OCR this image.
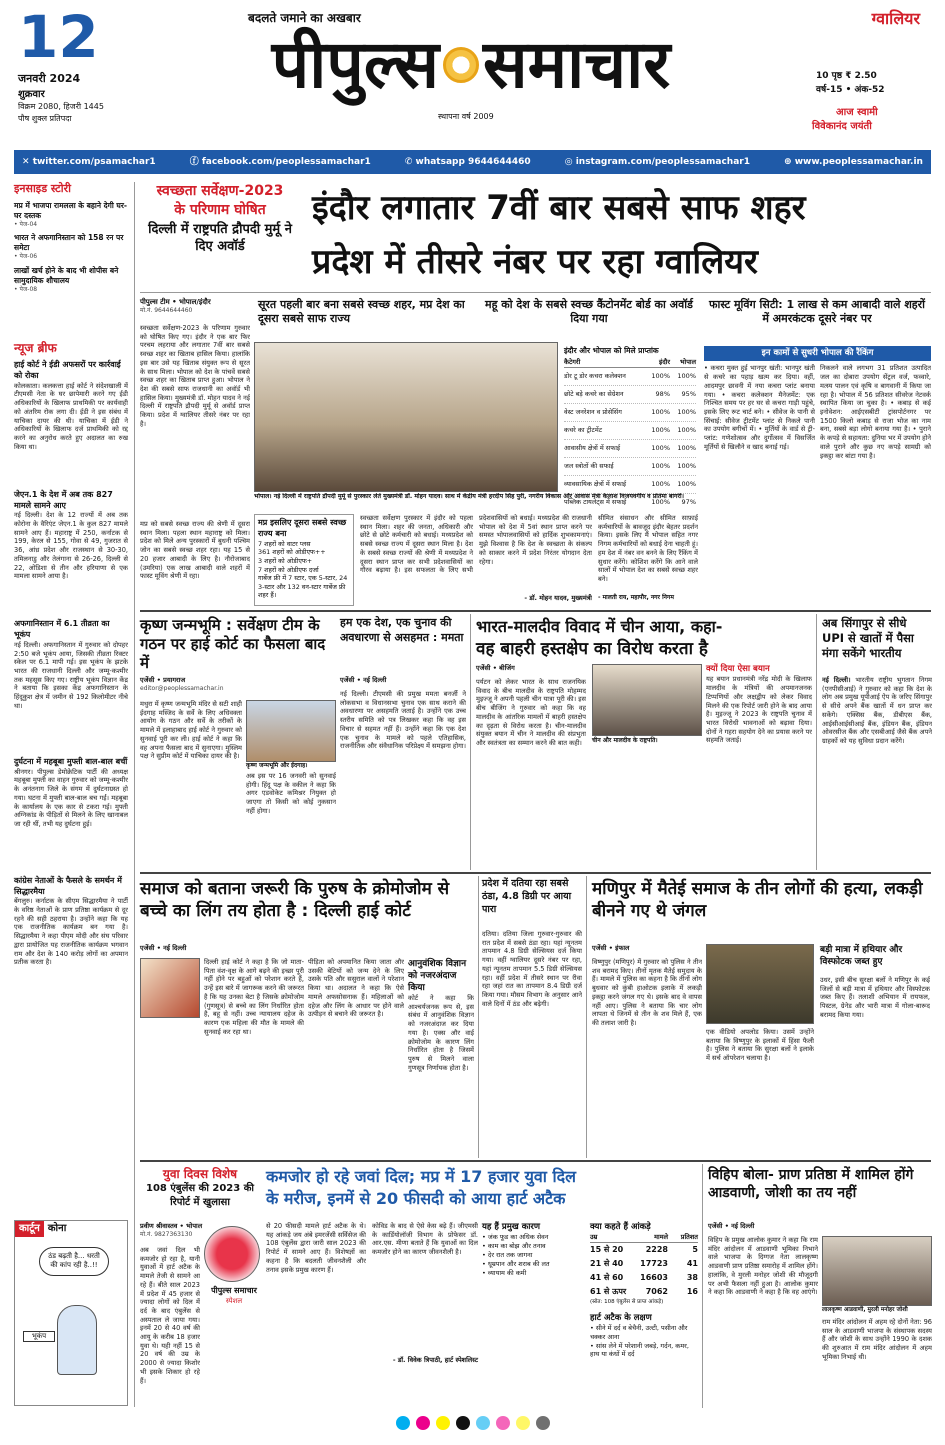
12
जनवरी 2024
शुक्रवार
विक्रम 2080, हिजरी 1445
पौष शुक्ल प्रतिपदा
बदलते जमाने का अखबार
पीपुल्स समाचार
स्थापना वर्ष 2009
ग्वालियर
10 पृष्ठ ₹ 2.50
वर्ष-15 • अंक-52
आज स्वामी
विवेकानंद जयंती
✕ twitter.com/psamachar1	ⓕ facebook.com/peoplessamachar1	✆ whatsapp 9644644460	◎ instagram.com/peoplessamachar1	⊕ www.peoplessamachar.in
इनसाइड स्टोरी
मप्र में भाजपा रामलला के बहाने देगी घर-घर दस्तक
• पेज-04
भारत ने अफगानिस्तान को 158 रन पर समेटा
• पेज-06
लाखों खर्च होने के बाद भी शोपीस बने सामुदायिक शौचालय
• पेज-08
न्यूज ब्रीफ
हाई कोर्ट ने ईडी अफसरों पर कार्रवाई को रोका
कोलकाता। कलकत्ता हाई कोर्ट ने संदेशखाली में टीएमसी नेता के घर छापेमारी करने गए ईडी अधिकारियों के खिलाफ प्राथमिकी पर कार्यवाही को अंतरिम रोक लगा दी। ईडी ने इस संबंध में याचिका दायर की थी। याचिका में ईडी ने अधिकारियों के खिलाफ दर्ज प्राथमिकी को रद्द करने का अनुरोध करते हुए अदालत का रुख किया था।
जेएन.1 के देश में अब तक 827 मामले सामने आए
नई दिल्ली। देश के 12 राज्यों में अब तक कोरोना के वैरिएंट जेएन.1 के कुल 827 मामले सामने आए हैं। महाराष्ट्र में 250, कर्नाटक से 199, केरल से 155, गोवा से 49, गुजरात से 36, आंध्र प्रदेश और राजस्थान से 30-30, तमिलनाडु और तेलंगाना से 26-26, दिल्ली से 22, ओडिशा से तीन और हरियाणा से एक मामला सामने आया है।
अफगानिस्तान में 6.1 तीव्रता का भूकंप
नई दिल्ली। अफगानिस्तान में गुरुवार को दोपहर 2:50 बजे भूकंप आया, जिसकी तीव्रता रिक्टर स्केल पर 6.1 मापी गई। इस भूकंप के झटके भारत की राजधानी दिल्ली और जम्मू-कश्मीर तक महसूस किए गए। राष्ट्रीय भूकंप विज्ञान केंद्र ने बताया कि इसका केंद्र अफगानिस्तान के हिंदूकुश क्षेत्र में जमीन से 192 किलोमीटर नीचे था।
दुर्घटना में महबूबा मुफ्ती बाल-बाल बचीं
श्रीनगर। पीपुल्स डेमोक्रेटिक पार्टी की अध्यक्ष महबूबा मुफ्ती का वाहन गुरुवार को जम्मू-कश्मीर के अनंतनाग जिले के संगम में दुर्घटनाग्रस्त हो गया। घटना में मुफ्ती बाल-बाल बच गईं। महबूबा के कार्यालय के एक कार से टकरा गई। मुफ्ती अग्निकांड के पीड़ितों से मिलने के लिए खानाबल जा रही थीं, तभी यह दुर्घटना हुई।
कांग्रेस नेताओं के फैसले के समर्थन में सिद्धारमैया
बेंगलुरु। कर्नाटक के सीएम सिद्धारमैया ने पार्टी के वरिष्ठ नेताओं के प्राण प्रतिष्ठा कार्यक्रम से दूर रहने की सही ठहराया है। उन्होंने कहा कि यह एक राजनीतिक कार्यक्रम बन गया है। सिद्धारमैया ने कहा पीएम मोदी और संघ परिवार द्वारा प्रायोजित यह राजनीतिक कार्यक्रम भगवान राम और देश के 140 करोड़ लोगों का अपमान प्रतीक करता है।
कार्टून कोना
ठंड बढ़ती है... धरती की कांप रही है..!!
भूकंप
स्वच्छता सर्वेक्षण-2023
के परिणाम घोषित
दिल्ली में राष्ट्रपति द्रौपदी मुर्मू ने दिए अवॉर्ड
इंदौर लगातार 7वीं बार सबसे साफ शहर
प्रदेश में तीसरे नंबर पर रहा ग्वालियर
पीपुल्स टीम • भोपाल/इंदौर
मो.नं. 9644644460
स्वच्छता सर्वेक्षण-2023 के परिणाम गुरुवार को घोषित किए गए। इंदौर ने एक बार फिर परचम लहराया और लगातार 7वीं बार सबसे स्वच्छ शहर का खिताब हासिल किया। हालांकि इस बार उसे यह खिताब संयुक्त रूप से सूरत के साथ मिला। भोपाल को देश के पांचवें सबसे स्वच्छ शहर का खिताब प्राप्त हुआ। भोपाल ने देश की सबसे साफ राजधानी का अवॉर्ड भी हासिल किया। मुख्यमंत्री डॉ. मोहन यादव ने नई दिल्ली में राष्ट्रपति द्रौपदी मुर्मू से अवॉर्ड प्राप्त किया। प्रदेश में ग्वालियर तीसरे नंबर पर रहा है।
मप्र को सबसे स्वच्छ राज्य की श्रेणी में दूसरा स्थान मिला। पहला स्थान महाराष्ट्र को मिला। प्रदेश को मिले अन्य पुरस्कारों में बुधनी पश्चिम जोन का सबसे स्वच्छ शहर रहा। यह 15 से 20 हजार आबादी के लिए है। नौरोजाबाद (उमरिया) एक लाख आबादी वाले शहरों में फास्ट मूविंग श्रेणी में रहा।
सूरत पहली बार बना सबसे स्वच्छ शहर, मप्र देश का दूसरा सबसे साफ राज्य
महू को देश के सबसे स्वच्छ कैंटोनमेंट बोर्ड का अवॉर्ड दिया गया
फास्ट मूविंग सिटी: 1 लाख से कम आबादी वाले शहरों में अमरकंटक दूसरे नंबर पर
भोपाल। नई दिल्ली में राष्ट्रपति द्रौपदी मुर्मू से पुरस्कार लेते मुख्यमंत्री डॉ. मोहन यादव। साथ में केंद्रीय मंत्री हरदीप सिंह पुरी, नगरीय विकास और आवास मंत्री कैलाश विजयवर्गीय व प्रतिमा बागरी।
इंदौर और भोपाल को मिले प्राप्तांक
कैटेगरी	इंदौर	भोपाल
डोर टू डोर कचरा कलेक्शन	100%	100%
छोटे बड़े कचरे का सेग्रेशन	98%	95%
वेस्ट जनरेशन व प्रोसेसिंग	100%	100%
कचरे का ट्रीटमेंट	100%	100%
आवासीय क्षेत्रों में सफाई	100%	100%
जल स्त्रोतों की सफाई	100%	100%
व्यावसायिक क्षेत्रों में सफाई	100%	100%
पब्लिक टायलेट्स में सफाई	100%	97%
इन कामों से सुधरी भोपाल की रैंकिंग
• कचरा मुक्त हुई भानपुर खंती: भानपुर खंती से कचरे का पहाड़ खत्म कर दिया। वहीं, आदमपुर छावनी में नया कचरा प्लांट बनाया गया। • कचरा कलेक्शन मैनेजमेंट: एक निश्चित समय पर हर घर से कचरा गाड़ी पहुंचे, इसके लिए रूट चार्ट बने। • सीवेज के पानी से सिंचाई: सीवेज ट्रीटमेंट प्लांट से निकले पानी का उपयोग बगीचों में। • मुर्तियों के वार्ड से ट्री-प्लांट: गणेशोत्सव और दुर्गोत्सव में विसर्जित मूर्तियों से खिलौने व खाद बनाई गई।
निकलने वाले लगभग 31 प्रतिशत उत्पादित जल का दोबारा उपयोग सेंट्रल वर्ज, फव्वारे, मत्स्य पालन एवं कृषि व बागवानी में किया जा रहा है। भोपाल में 56 प्रतिशत सीवरेज नेटवर्क स्थापित किया जा चुका है। • कबाड़ से कई इनोवेशन: आईएसबीटी ट्रांसपोर्टनगर पर 1500 किलो कबाड़ से राजा भोज का नाम बना, सबसे बड़ा लोगो बनाया गया है। • पुराने के कपड़े से सहायता: दुनिया भर में उपयोग होने वाले पुराने और कुछ नए कपड़े सामग्री को इकट्ठा कर बांटा गया है।
मप्र इसलिए दूसरा सबसे स्वच्छ राज्य बना
7 शहरों को वाटर प्लस
361 शहरों को ओडीएफ++
3 शहरों को ओडीएफ+
7 शहरों को ओडीएफ दर्जा
गार्बेज फ्री में 7 स्टार, एक 5-स्टार, 24 3-स्टार और 132 वन-स्टार गार्बेज फ्री शहर हैं।
स्वच्छता सर्वेक्षण पुरस्कार में इंदौर को पहला स्थान मिला। शहर की जनता, अधिकारी और छोटे से छोटे कर्मचारी को बधाई। मध्यप्रदेश को सबसे स्वच्छ राज्य में दूसरा स्थान मिला है। देश के सबसे स्वच्छ राज्यों की श्रेणी में मध्यप्रदेश ने दूसरा स्थान प्राप्त कर सभी प्रदेशवासियों का गौरव बढ़ाया है। इस सफलता के लिए सभी प्रदेशवासियों को बधाई। मध्यप्रदेश की राजधानी भोपाल को देश में 5वां स्थान प्राप्त करने पर समस्त भोपालवासियों को हार्दिक शुभकामनाएं। मुझे विश्वास है कि देश के स्वच्छता के संकल्प को साकार करने में प्रदेश निरंतर योगदान देता रहेगा।
- डॉ. मोहन यादव, मुख्यमंत्री
सीमित संसाधन और सीमित साफ़ाई कर्मचारियों के बावजूद इंदौर बेहतर प्रदर्शन किया। इसके लिए मैं भोपाल सहित नगर निगम कर्मचारियों को बधाई देना चाहती हूं। हम देश में नंबर वन बनने के लिए रैंकिंग में सुधार करेंगे। कोशिश करेंगे कि आने वाले सालों में भोपाल देश का सबसे स्वच्छ शहर बने।
- मालती राय, महापौर, नगर निगम
कृष्ण जन्मभूमि : सर्वेक्षण टीम के गठन पर हाई कोर्ट का फैसला बाद में
एजेंसी • प्रयागराज
editor@peoplessamachar.in
कृष्ण जन्मभूमि और ईदगाह।
मथुरा में कृष्ण जन्मभूमि मंदिर से सटी शाही ईदगाह मस्जिद के सर्वे के लिए अधिवक्ता आयोग के गठन और सर्वे के तरीकों के मामले में इलाहाबाद हाई कोर्ट ने गुरुवार को सुनवाई पूरी कर ली। हाई कोर्ट ने कहा कि वह अपना फैसला बाद में सुनाएगा। मुस्लिम पक्ष ने सुप्रीम कोर्ट में याचिका दायर की है।
अब इस पर 16 जनवरी को सुनवाई होगी। हिंदू पक्ष के वकील ने कहा कि अगर एडवोकेट कमिश्नर नियुक्त हो जाएगा तो किसी को कोई नुकसान नहीं होगा।
हम एक देश, एक चुनाव की अवधारणा से असहमत : ममता
एजेंसी • नई दिल्ली
नई दिल्ली। टीएमसी की प्रमुख ममता बनर्जी ने लोकसभा व विधानसभा चुनाव एक साथ कराने की अवधारणा पर असहमति जताई है। उन्होंने एक उच्च स्तरीय समिति को पत्र लिखकर कहा कि वह इस विचार से सहमत नहीं हैं। उन्होंने कहा कि एक देश एक चुनाव के मामले को पहले एतिहासिक, राजनीतिक और संवैधानिक परिप्रेक्ष्य में समझना होगा।
भारत-मालदीव विवाद में चीन आया, कहा-
वह बाहरी हस्तक्षेप का विरोध करता है
एजेंसी • बीजिंग
पर्यटन को लेकर भारत के साथ राजनयिक विवाद के बीच मालदीव के राष्ट्रपति मोहम्मद मुइज्जू ने अपनी पहली चीन यात्रा पूरी की। इस बीच बीजिंग ने गुरुवार को कहा कि वह मालदीव के आंतरिक मामलों में बाहरी हस्तक्षेप का दृढ़ता से विरोध करता है। चीन-मालदीव संयुक्त बयान में चीन ने मालदीव की संप्रभुता और स्वतंत्रता का सम्मान करने की बात कही।	चीन और मालदीव के राष्ट्रपति।
क्यों दिया ऐसा बयान
यह बयान प्रधानमंत्री नरेंद्र मोदी के खिलाफ मालदीव के मंत्रियों की अपमानजनक टिप्पणियों और लक्षद्वीप को लेकर विवाद मिलने की एक रिपोर्ट जारी होने के बाद आया है। मुइज्जू ने 2023 के राष्ट्रपति चुनाव में भारत विरोधी भावनाओं को बढ़ावा दिया। दोनों ने गहरा सहयोग देने का प्रयास करने पर सहमति जताई।
अब सिंगापुर से सीधे UPI से खातों में पैसा मंगा सकेंगे भारतीय
नई दिल्ली। भारतीय राष्ट्रीय भुगतान निगम (एनपीसीआई) ने गुरुवार को कहा कि देश के लोग अब प्रमुख यूपीआई ऐप के जरिए सिंगापुर से सीधे अपने बैंक खातों में धन प्राप्त कर सकेंगे। एक्सिस बैंक, डीबीएस बैंक, आईसीआईसीआई बैंक, इंडियन बैंक, इंडियन ओवरसीज बैंक और एसबीआई जैसे बैंक अपने ग्राहकों को यह सुविधा प्रदान करेंगे।
समाज को बताना जरूरी कि पुरुष के क्रोमोजोम से बच्चे का लिंग तय होता है : दिल्ली हाई कोर्ट
एजेंसी • नई दिल्ली
दिल्ली हाई कोर्ट ने कहा है कि जो माता-पिता वंश-वृक्ष के आगे बढ़ने की इच्छा पूरी नहीं होने पर बहुओं को परेशान करते हैं, उन्हें इस बारे में जागरूक करने की जरूरत है कि यह उनका बेटा है जिसके क्रोमोजोम (गुणसूत्र) से बच्चे का लिंग निर्धारित होता है, बहू से नहीं। उच्च न्यायालय दहेज के कारण एक महिला की मौत के मामले की सुनवाई कर रहा था।
पीड़िता को अपमानित किया जाता और उसकी बेटियों को जन्म देने के लिए उसके पति और ससुराल वालों ने परेशान किया था। अदालत ने कहा कि ऐसे मामले अफसोसनाक हैं। महिलाओं को दहेज और लिंग के आधार पर होने वाले उत्पीड़न से बचाने की जरूरत है।
आनुवंशिक विज्ञान को नजरअंदाज किया
कोर्ट ने कहा कि आश्चर्यजनक रूप से, इस संबंध में आनुवंशिक विज्ञान को नजरअंदाज कर दिया गया है। एक्स और वाई क्रोमोजोम के कारण लिंग निर्धारित होता है जिसमें पुरुष से मिलने वाला गुणसूत्र निर्णायक होता है।
प्रदेश में दतिया रहा सबसे ठंडा, 4.8 डिग्री पर आया पारा
दतिया। दतिया जिला गुरुवार-गुरुवार की रात प्रदेश में सबसे ठंडा रहा। यहां न्यूनतम तापमान 4.8 डिग्री सेल्सियस दर्ज किया गया। वहीं ग्वालियर दूसरे नंबर पर रहा, यहां न्यूनतम तापमान 5.5 डिग्री सेल्सियस रहा। वहीं प्रदेश में तीसरे स्थान पर रीवा रहा जहां रात का तापमान 8.4 डिग्री दर्ज किया गया। मौसम विभाग के अनुसार आने वाले दिनों में ठंड और बढ़ेगी।
मणिपुर में मैतेई समाज के तीन लोगों की हत्या, लकड़ी बीनने गए थे जंगल
एजेंसी • इंफाल
विष्णुपुर (मणिपुर) में गुरुवार को पुलिस ने तीन शव बरामद किए। तीनों मृतक मैतेई समुदाय के हैं। मामले में पुलिस का कहना है कि तीनों लोग बुधवार को कुंबी हाओटक इलाके में लकड़ी इकट्ठा करने जंगल गए थे। इसके बाद वे वापस नहीं आए। पुलिस ने बताया कि चार लोग लापता थे जिनमें से तीन के शव मिले हैं, एक की तलाश जारी है।
एक वीडियो अपलोड किया। उसमें उन्होंने बताया कि विष्णुपुर के इलाकों में हिंसा फैली है। पुलिस ने बताया कि सुरक्षा बलों ने इलाके में सर्च ऑपरेशन चलाया है।
बड़ी मात्रा में हथियार और विस्फोटक जब्त हुए
उधर, इसी बीच सुरक्षा बलों ने मणिपुर के कई जिलों से बड़ी मात्रा में हथियार और विस्फोटक जब्त किए हैं। तलाशी अभियान में रायफल, पिस्टल, ग्रेनेड और भारी मात्रा में गोला-बारूद बरामद किया गया।
युवा दिवस विशेष
108 एंबुलेंस की 2023 की रिपोर्ट में खुलासा
कमजोर हो रहे जवां दिल; मप्र में 17 हजार युवा दिल
के मरीज, इनमें से 20 फीसदी को आया हार्ट अटैक
प्रवीण श्रीवास्तव • भोपाल
मो.नं. 9827363130
अब जवां दिल भी कमजोर हो रहा है, यानी युवाओं में हार्ट अटैक के मामले तेजी से सामने आ रहे हैं। बीते साल 2023 में प्रदेश में 45 हजार से ज्यादा लोगों को दिल में दर्द के बाद एंबुलेंस से अस्पताल ले जाया गया। इनमें 20 से 40 वर्ष की आयु के करीब 18 हजार युवा थे। यही नहीं 15 से 20 वर्ष की उम्र के 2000 से ज्यादा किशोर भी इसके शिकार हो रहे हैं।
पीपुल्स समाचार
स्पेशल
से 20 फीसदी मामले हार्ट अटैक के थे। यह आंकड़े जय अंबे इमरजेंसी सर्विसेज की 108 एंबुलेंस द्वारा जारी साल 2023 की रिपोर्ट में सामने आए हैं। विशेषज्ञों का कहना है कि बदलती जीवनशैली और तनाव इसके प्रमुख कारण हैं।
कोविड के बाद से ऐसे केस बढ़े हैं। जीएमसी के कार्डियोलॉजी विभाग के प्रोफेसर डॉ. आर.एस. मीणा बताते हैं कि युवाओं का दिल कमजोर होने का कारण जीवनशैली है।
- डॉ. विवेक त्रिपाठी, हार्ट स्पेशलिस्ट
यह हैं प्रमुख कारण
• जंक फूड का अधिक सेवन
• काम का बोझ और तनाव
• देर रात तक जागना
• धूम्रपान और शराब की लत
• व्यायाम की कमी
क्या कहते हैं आंकड़े
उम्र	मामले	प्रतिशत
15 से 20	2228	5
21 से 40	17723	41
41 से 60	16603	38
61 से ऊपर	7062	16
(स्रोत: 108 एंबुलेंस से प्राप्त आंकड़े)
हार्ट अटैक के लक्षण
• सीने में दर्द व बेचैनी, उल्टी, पसीना और चक्कर आना
• सांस लेने में परेशानी जबड़े, गर्दन, कमर, हाथ या कंधों में दर्द
विहिप बोला- प्राण प्रतिष्ठा में शामिल होंगे आडवाणी, जोशी का तय नहीं
एजेंसी • नई दिल्ली
विहिप के प्रमुख आलोक कुमार ने कहा कि राम मंदिर आंदोलन में आडवाणी भूमिका निभाने वाले भाजपा के दिग्गज नेता लालकृष्ण आडवाणी प्राण प्रतिष्ठा समारोह में शामिल होंगे। हालांकि, वे मुरली मनोहर जोशी की मौजूदगी पर अभी फैसला नहीं हुआ है। आलोक कुमार ने कहा कि आडवाणी ने कहा है कि वह आएंगे।
लालकृष्ण आडवाणी, मुरली मनोहर जोशी
राम मंदिर आंदोलन में अहम रहे दोनों नेता: 96 साल के आडवाणी भाजपा के संस्थापक सदस्य हैं और जोशी के साथ उन्होंने 1990 के दशक की शुरुआत में राम मंदिर आंदोलन में अहम भूमिका निभाई थी।
